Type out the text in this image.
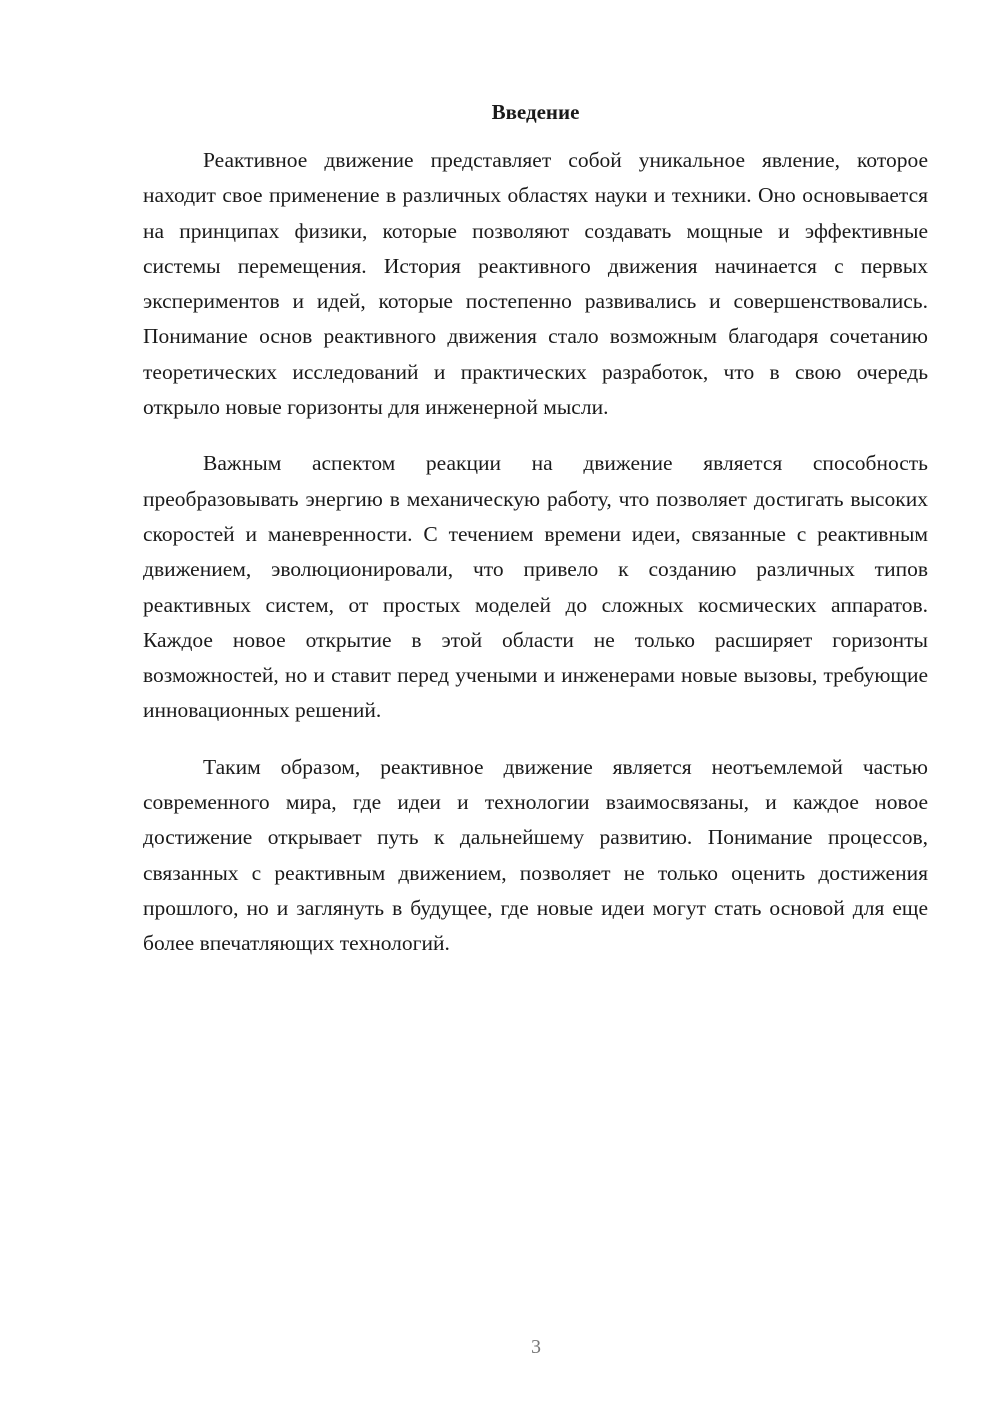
Введение

Реактивное движение представляет собой уникальное явление, которое находит свое применение в различных областях науки и техники. Оно основывается на принципах физики, которые позволяют создавать мощные и эффективные системы перемещения. История реактивного движения начинается с первых экспериментов и идей, которые постепенно развивались и совершенствовались. Понимание основ реактивного движения стало возможным благодаря сочетанию теоретических исследований и практических разработок, что в свою очередь открыло новые горизонты для инженерной мысли.

Важным аспектом реакции на движение является способность преобразовывать энергию в механическую работу, что позволяет достигать высоких скоростей и маневренности. С течением времени идеи, связанные с реактивным движением, эволюционировали, что привело к созданию различных типов реактивных систем, от простых моделей до сложных космических аппаратов. Каждое новое открытие в этой области не только расширяет горизонты возможностей, но и ставит перед учеными и инженерами новые вызовы, требующие инновационных решений.

Таким образом, реактивное движение является неотъемлемой частью современного мира, где идеи и технологии взаимосвязаны, и каждое новое достижение открывает путь к дальнейшему развитию. Понимание процессов, связанных с реактивным движением, позволяет не только оценить достижения прошлого, но и заглянуть в будущее, где новые идеи могут стать основой для еще более впечатляющих технологий.

3
